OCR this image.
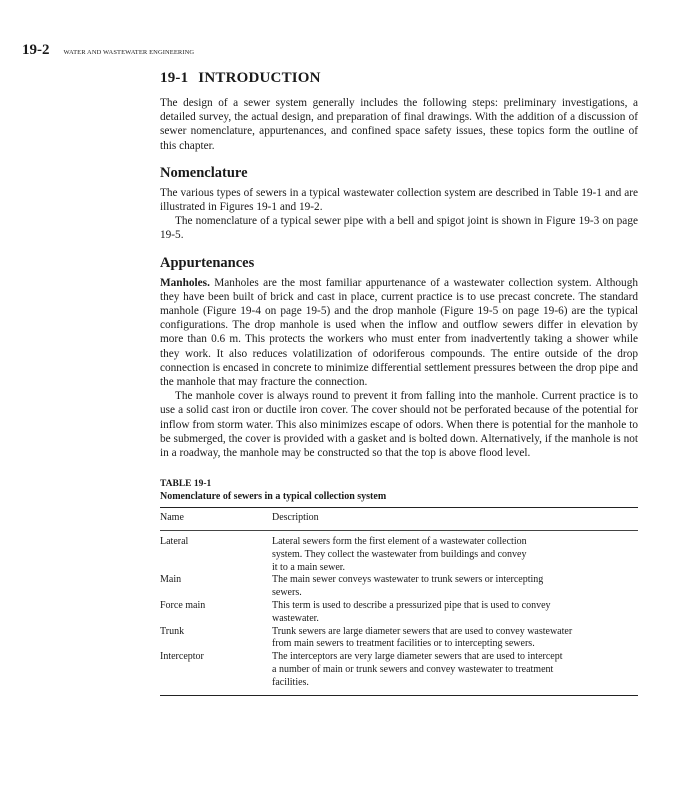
19-2 WATER AND WASTEWATER ENGINEERING
19-1 INTRODUCTION

The design of a sewer system generally includes the following steps: preliminary investigations, a detailed survey, the actual design, and preparation of final drawings. With the addition of a discussion of sewer nomenclature, appurtenances, and confined space safety issues, these topics form the outline of this chapter.

Nomenclature

The various types of sewers in a typical wastewater collection system are described in Table 19-1 and are illustrated in Figures 19-1 and 19-2.

The nomenclature of a typical sewer pipe with a bell and spigot joint is shown in Figure 19-3 on page 19-5.

Appurtenances

Manholes. Manholes are the most familiar appurtenance of a wastewater collection system. Although they have been built of brick and cast in place, current practice is to use precast concrete. The standard manhole (Figure 19-4 on page 19-5) and the drop manhole (Figure 19-5 on page 19-6) are the typical configurations. The drop manhole is used when the inflow and outflow sewers differ in elevation by more than 0.6 m. This protects the workers who must enter from inadvertently taking a shower while they work. It also reduces volatilization of odoriferous compounds. The entire outside of the drop connection is encased in concrete to minimize differential settlement pressures between the drop pipe and the manhole that may fracture the connection.

The manhole cover is always round to prevent it from falling into the manhole. Current practice is to use a solid cast iron or ductile iron cover. The cover should not be perforated because of the potential for inflow from storm water. This also minimizes escape of odors. When there is potential for the manhole to be submerged, the cover is provided with a gasket and is bolted down. Alternatively, if the manhole is not in a roadway, the manhole may be constructed so that the top is above flood level.

TABLE 19-1
Nomenclature of sewers in a typical collection system
Name	Description
Lateral	Lateral sewers form the first element of a wastewater collection
system. They collect the wastewater from buildings and convey
it to a main sewer.

Main	The main sewer conveys wastewater to trunk sewers or intercepting
sewers.

Force main	This term is used to describe a pressurized pipe that is used to convey
wastewater.

Trunk	Trunk sewers are large diameter sewers that are used to convey wastewater
from main sewers to treatment facilities or to intercepting sewers.

Interceptor	The interceptors are very large diameter sewers that are used to intercept
a number of main or trunk sewers and convey wastewater to treatment
facilities.
